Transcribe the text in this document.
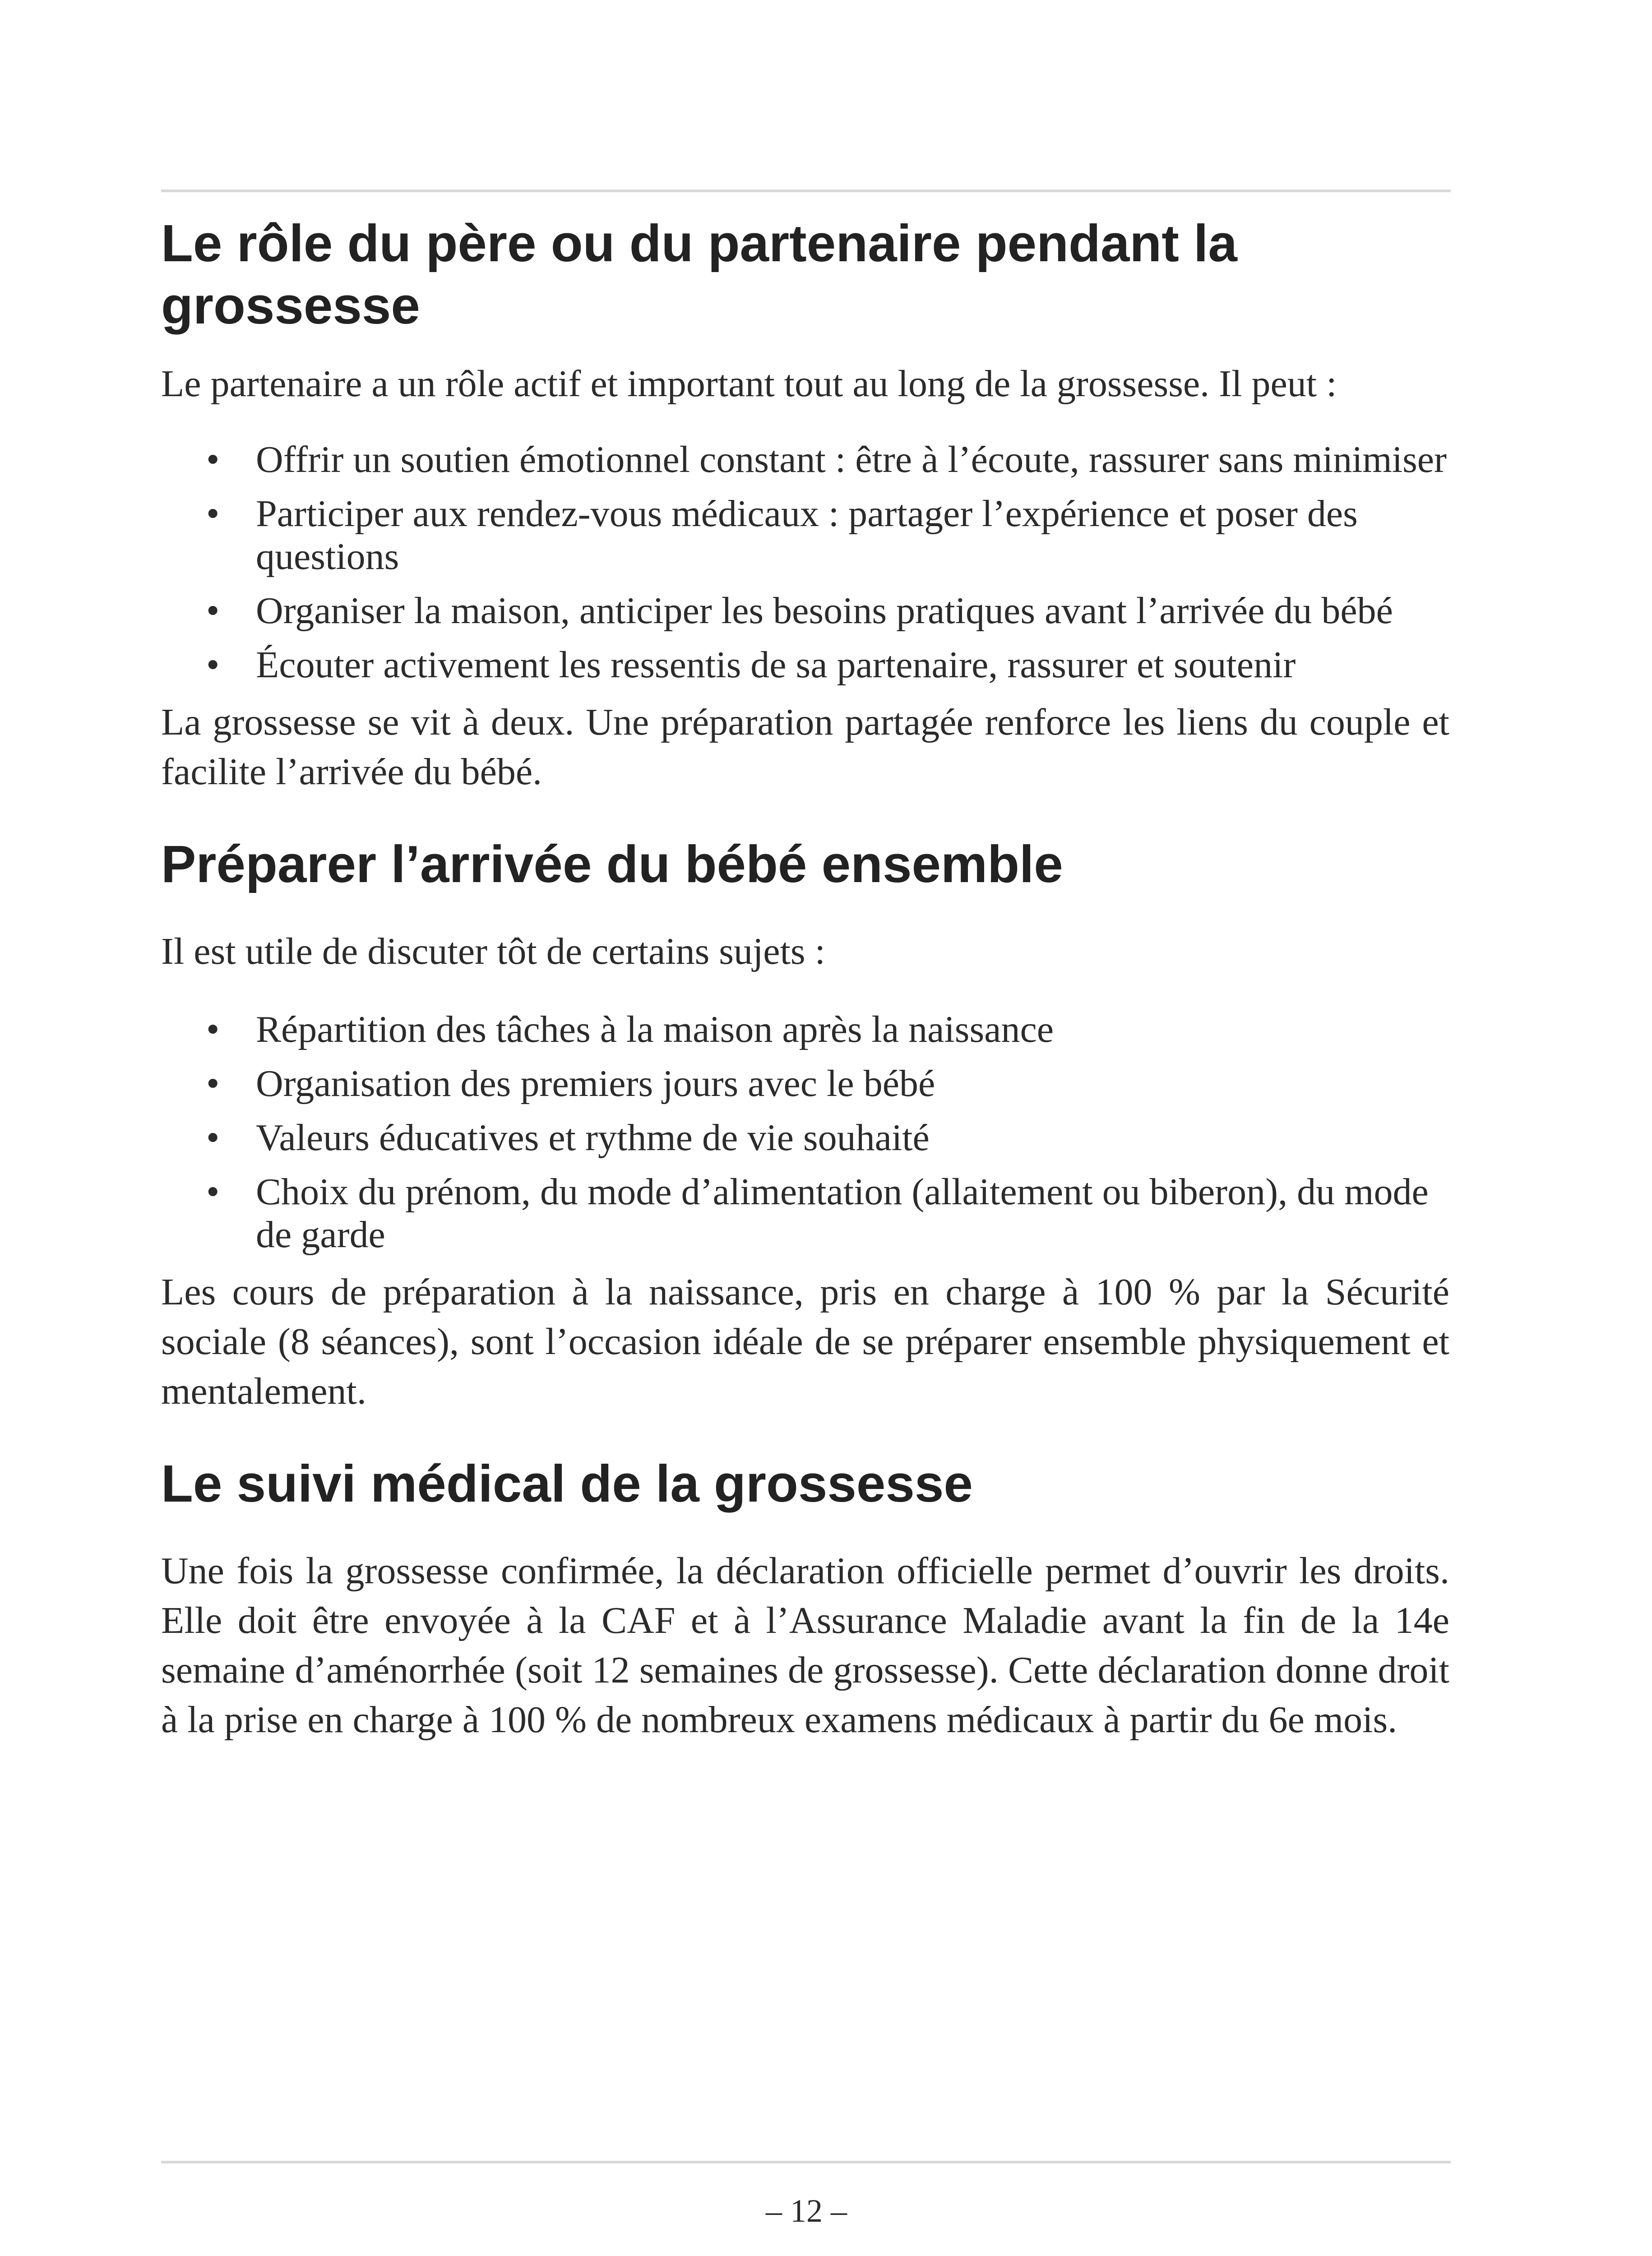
Le rôle du père ou du partenaire pendant la grossesse

Le partenaire a un rôle actif et important tout au long de la grossesse. Il peut :

• Offrir un soutien émotionnel constant : être à l’écoute, rassurer sans minimiser
• Participer aux rendez-vous médicaux : partager l’expérience et poser des questions
• Organiser la maison, anticiper les besoins pratiques avant l’arrivée du bébé
• Écouter activement les ressentis de sa partenaire, rassurer et soutenir

La grossesse se vit à deux. Une préparation partagée renforce les liens du couple et facilite l’arrivée du bébé.

Préparer l’arrivée du bébé ensemble

Il est utile de discuter tôt de certains sujets :

• Répartition des tâches à la maison après la naissance
• Organisation des premiers jours avec le bébé
• Valeurs éducatives et rythme de vie souhaité
• Choix du prénom, du mode d’alimentation (allaitement ou biberon), du mode de garde

Les cours de préparation à la naissance, pris en charge à 100 % par la Sécurité sociale (8 séances), sont l’occasion idéale de se préparer ensemble physiquement et mentalement.

Le suivi médical de la grossesse

Une fois la grossesse confirmée, la déclaration officielle permet d’ouvrir les droits. Elle doit être envoyée à la CAF et à l’Assurance Maladie avant la fin de la 14e semaine d’aménorrhée (soit 12 semaines de grossesse). Cette déclaration donne droit à la prise en charge à 100 % de nombreux examens médicaux à partir du 6e mois.

– 12 –
